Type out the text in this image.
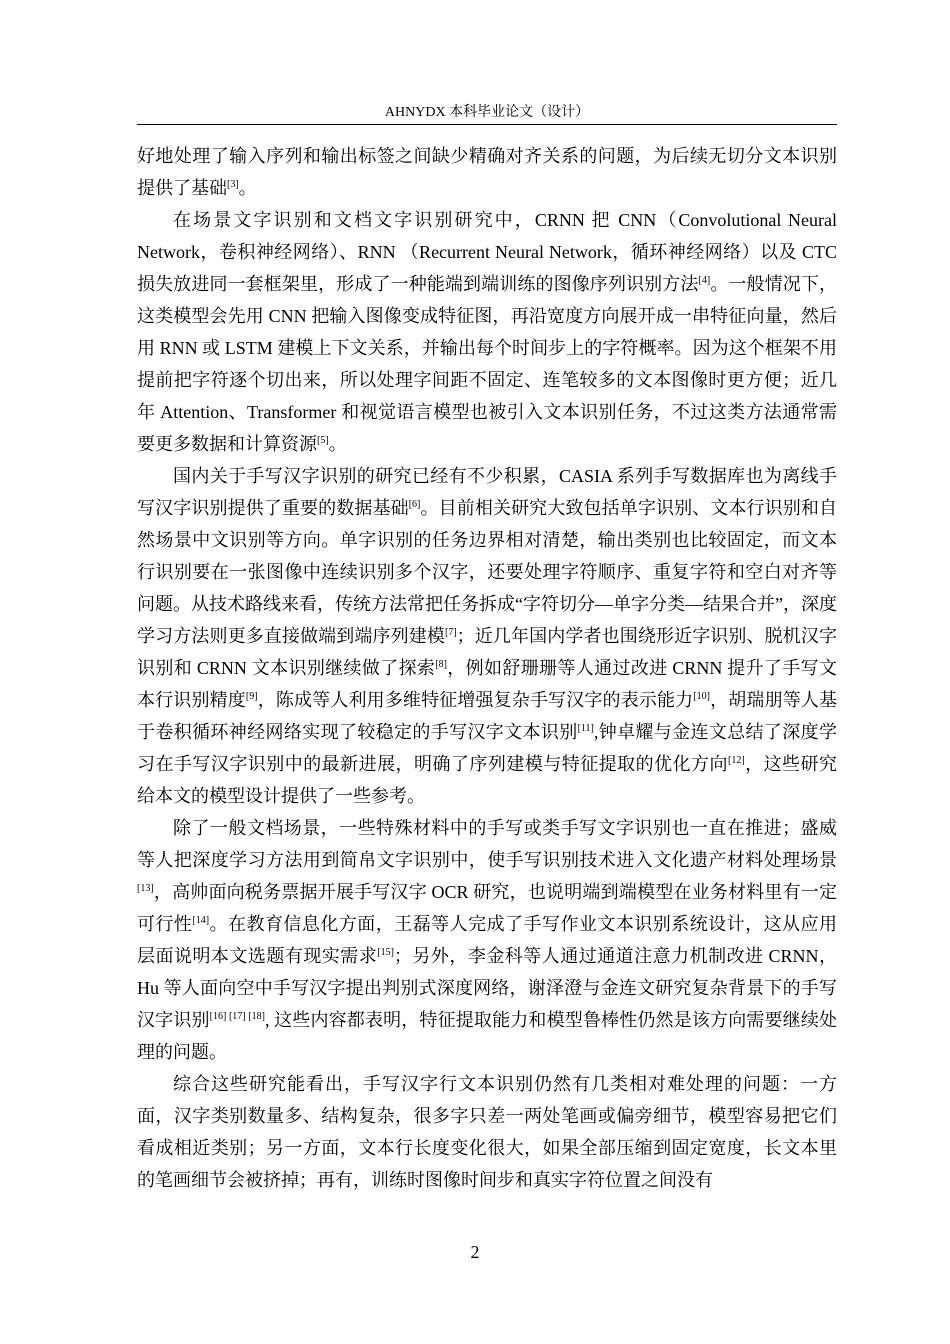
AHNYDX 本科毕业论文（设计）

好地处理了输入序列和输出标签之间缺少精确对齐关系的问题，为后续无切分文本识别提供了基础[3]。

在场景文字识别和文档文字识别研究中，CRNN 把 CNN（Convolutional Neural Network，卷积神经网络）、RNN （Recurrent Neural Network，循环神经网络）以及 CTC 损失放进同一套框架里，形成了一种能端到端训练的图像序列识别方法[4]。一般情况下，这类模型会先用 CNN 把输入图像变成特征图，再沿宽度方向展开成一串特征向量，然后用 RNN 或 LSTM 建模上下文关系，并输出每个时间步上的字符概率。因为这个框架不用提前把字符逐个切出来，所以处理字间距不固定、连笔较多的文本图像时更方便；近几年 Attention、Transformer 和视觉语言模型也被引入文本识别任务，不过这类方法通常需要更多数据和计算资源[5]。

国内关于手写汉字识别的研究已经有不少积累，CASIA 系列手写数据库也为离线手写汉字识别提供了重要的数据基础[6]。目前相关研究大致包括单字识别、文本行识别和自然场景中文识别等方向。单字识别的任务边界相对清楚，输出类别也比较固定，而文本行识别要在一张图像中连续识别多个汉字，还要处理字符顺序、重复字符和空白对齐等问题。从技术路线来看，传统方法常把任务拆成“字符切分—单字分类—结果合并”，深度学习方法则更多直接做端到端序列建模[7]；近几年国内学者也围绕形近字识别、脱机汉字识别和 CRNN 文本识别继续做了探索[8]，例如舒珊珊等人通过改进 CRNN 提升了手写文本行识别精度[9]，陈成等人利用多维特征增强复杂手写汉字的表示能力[10]，胡瑞朋等人基于卷积循环神经网络实现了较稳定的手写汉字文本识别[11],钟卓耀与金连文总结了深度学习在手写汉字识别中的最新进展，明确了序列建模与特征提取的优化方向[12]，这些研究给本文的模型设计提供了一些参考。

除了一般文档场景，一些特殊材料中的手写或类手写文字识别也一直在推进；盛威等人把深度学习方法用到简帛文字识别中，使手写识别技术进入文化遗产材料处理场景[13]，高帅面向税务票据开展手写汉字 OCR 研究，也说明端到端模型在业务材料里有一定可行性[14]。在教育信息化方面，王磊等人完成了手写作业文本识别系统设计，这从应用层面说明本文选题有现实需求[15]；另外，李金科等人通过通道注意力机制改进 CRNN，Hu 等人面向空中手写汉字提出判别式深度网络，谢泽澄与金连文研究复杂背景下的手写汉字识别[16] [17] [18], 这些内容都表明，特征提取能力和模型鲁棒性仍然是该方向需要继续处理的问题。

综合这些研究能看出，手写汉字行文本识别仍然有几类相对难处理的问题：一方面，汉字类别数量多、结构复杂，很多字只差一两处笔画或偏旁细节，模型容易把它们看成相近类别；另一方面，文本行长度变化很大，如果全部压缩到固定宽度，长文本里的笔画细节会被挤掉；再有，训练时图像时间步和真实字符位置之间没有

2
